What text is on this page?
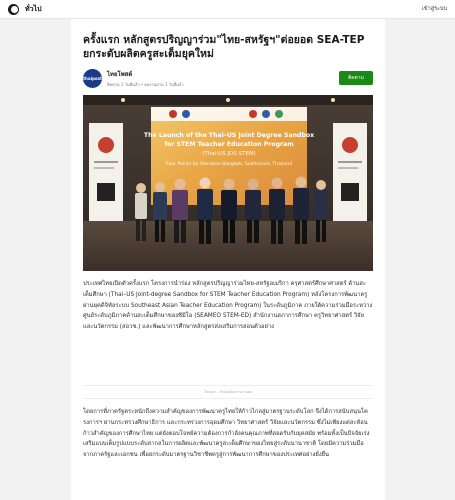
ทั่วไป	เข้าสู่ระบบ
ครั้งแรก หลักสูตรปริญญาร่วม"ไทย-สหรัฐฯ"ต่อยอด SEA-TEP ยกระดับผลิตครูสะเต็มยุคใหม่
thaipost
ไทยโพสต์
ติดตาม 1 วันที่แล้ว • ผลงานอ่าน 1 วันที่แล้ว
ติดตาม
The Launch of the Thai–US Joint Degree Sandbox
for STEM Teacher Education Program
(Thai-US JDS STEM)
Four Points by Sheraton Bangkok, Sukhumvit, Thailand

ประเทศไทยเปิดตัวครั้งแรก โครงการนำร่อง หลักสูตรปริญญาร่วมไทย-สหรัฐอเมริกา ครุศาสตร์ศึกษาศาสตร์ ด้านสะเต็มศึกษา (Thai–US Joint-degree Sandbox for STEM Teacher Education Program) หลังโครงการพัฒนาครูผ่านยุคดิจิทัลระบบ Southeast Asian Teacher Education Program) ในระดับภูมิภาค ภายใต้ความร่วมมือระหว่างศูนย์ระดับภูมิภาคด้านสะเต็มศึกษาของซีมีโอ (SEAMEO STEM-ED) สำนักงานสภาการศึกษา ครูวิทยาศาสตร์ วิจัย และนวัตกรรม (สอวช.) และพัฒนาการศึกษาหลักสูตรส่งเสริมการสอนตัวอย่าง

โฆษณา - ถ้าคุณต้องการอ่านต่อ

โดยการที่ภาครัฐตระหนักถึงความสำคัญของการพัฒนาครูไทยให้ก้าวไกลสู่มาตรฐานระดับโลก จึงได้การสนับสนุนโครงการฯ ผ่านกระทรวงศึกษาธิการ และกระทรวงการอุดมศึกษา วิทยาศาสตร์ วิจัยและนวัตกรรม ซึ่งไม่เพียงแต่สะท้อนก้าวสำคัญของการศึกษาไทย แต่ยังตอบโจทย์ความต้องการกำลังคนคุณภาพที่สอดรับกับยุคสมัย พร้อมทั้งเป็นปัจจัยเร่งเสริมแบบเต็มรูปแบบระดับสากลในการผลิตและพัฒนาครูสะเต็มศึกษาของไทยสู่ระดับนานาชาติ โดยมีความร่วมมือจากภาครัฐและเอกชน เพื่อยกระดับมาตรฐานวิชาชีพครูสู่การพัฒนาการศึกษาของประเทศอย่างยั่งยืน
